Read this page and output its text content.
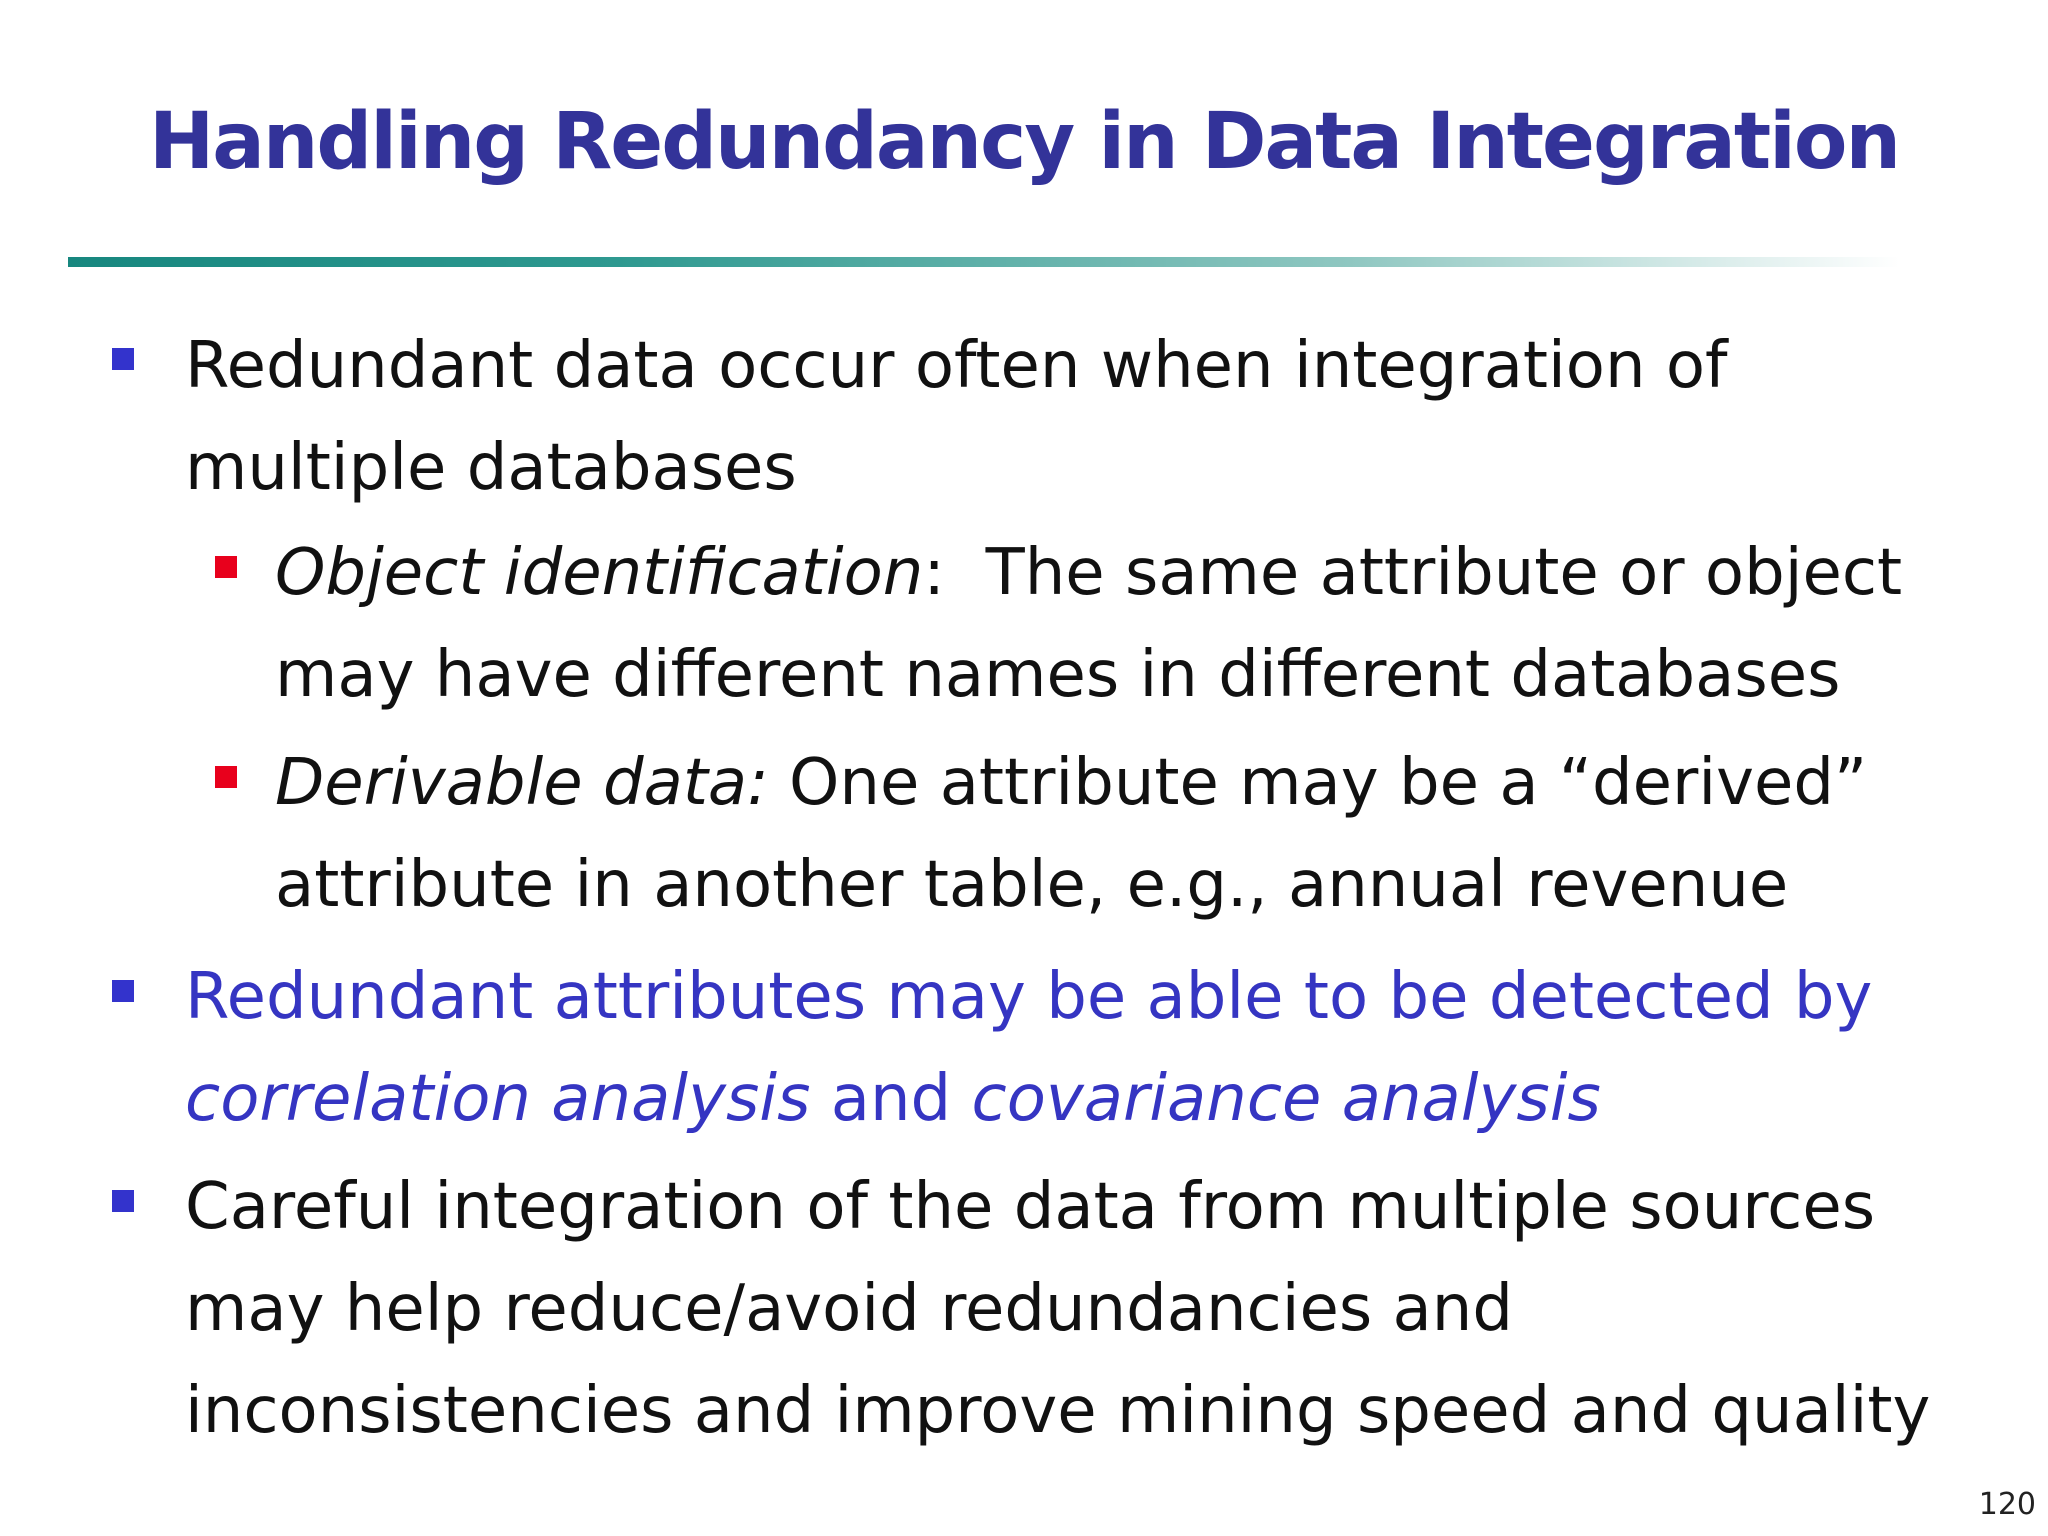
Handling Redundancy in Data Integration
Redundant data occur often when integration of
multiple databases
Object identification:  The same attribute or object
may have different names in different databases
Derivable data: One attribute may be a “derived”
attribute in another table, e.g., annual revenue
Redundant attributes may be able to be detected by
correlation analysis and covariance analysis
Careful integration of the data from multiple sources
may help reduce/avoid redundancies and
inconsistencies and improve mining speed and quality
120
